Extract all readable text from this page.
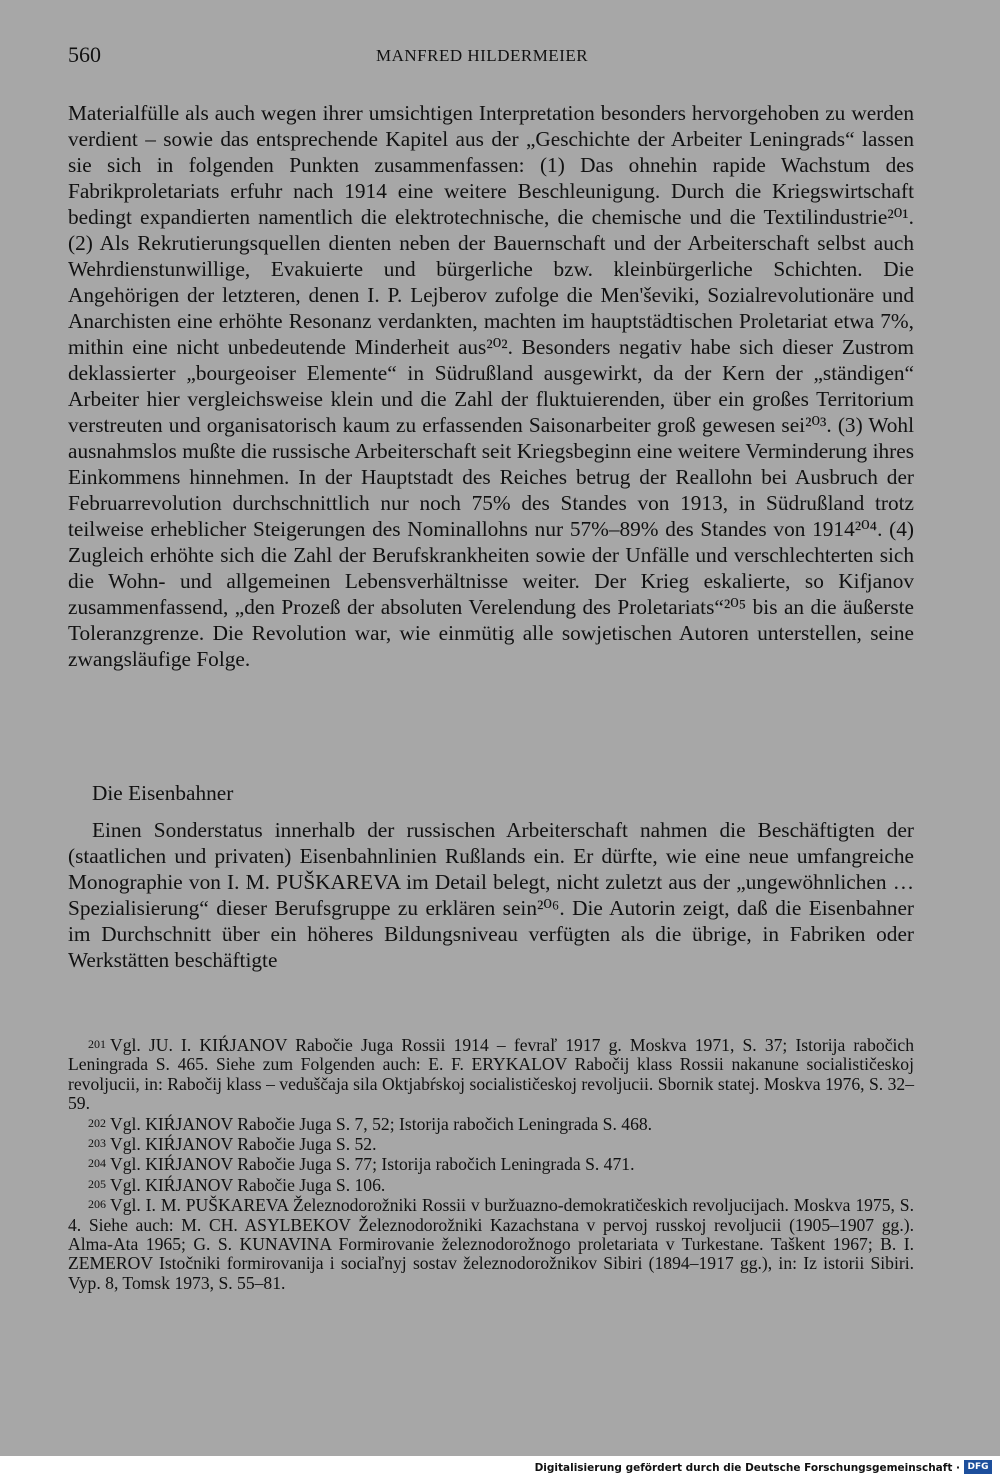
560	MANFRED HILDERMEIER

Materialfülle als auch wegen ihrer umsichtigen Interpretation besonders hervorgehoben zu werden verdient – sowie das entsprechende Kapitel aus der „Geschichte der Arbeiter Leningrads“ lassen sie sich in folgenden Punkten zusammenfassen: (1) Das ohnehin rapide Wachstum des Fabrikproletariats erfuhr nach 1914 eine weitere Beschleunigung. Durch die Kriegswirtschaft bedingt expandierten namentlich die elektrotechnische, die chemische und die Textilindustrie²⁰¹. (2) Als Rekrutierungsquellen dienten neben der Bauernschaft und der Arbeiterschaft selbst auch Wehrdienstunwillige, Evakuierte und bürgerliche bzw. kleinbürgerliche Schichten. Die Angehörigen der letzteren, denen I. P. Lejberov zufolge die Men'ševiki, Sozialrevolutionäre und Anarchisten eine erhöhte Resonanz verdankten, machten im hauptstädtischen Proletariat etwa 7%, mithin eine nicht unbedeutende Minderheit aus²⁰². Besonders negativ habe sich dieser Zustrom deklassierter „bourgeoiser Elemente“ in Südrußland ausgewirkt, da der Kern der „ständigen“ Arbeiter hier vergleichsweise klein und die Zahl der fluktuierenden, über ein großes Territorium verstreuten und organisatorisch kaum zu erfassenden Saisonarbeiter groß gewesen sei²⁰³. (3) Wohl ausnahmslos mußte die russische Arbeiterschaft seit Kriegsbeginn eine weitere Verminderung ihres Einkommens hinnehmen. In der Hauptstadt des Reiches betrug der Reallohn bei Ausbruch der Februarrevolution durchschnittlich nur noch 75% des Standes von 1913, in Südrußland trotz teilweise erheblicher Steigerungen des Nominallohns nur 57%–89% des Standes von 1914²⁰⁴. (4) Zugleich erhöhte sich die Zahl der Berufskrankheiten sowie der Unfälle und verschlechterten sich die Wohn- und allgemeinen Lebensverhältnisse weiter. Der Krieg eskalierte, so Kifjanov zusammenfassend, „den Prozeß der absoluten Verelendung des Proletariats“²⁰⁵ bis an die äußerste Toleranzgrenze. Die Revolution war, wie einmütig alle sowjetischen Autoren unterstellen, seine zwangsläufige Folge.

Die Eisenbahner
Einen Sonderstatus innerhalb der russischen Arbeiterschaft nahmen die Beschäftigten der (staatlichen und privaten) Eisenbahnlinien Rußlands ein. Er dürfte, wie eine neue umfangreiche Monographie von I. M. PUŠKAREVA im Detail belegt, nicht zuletzt aus der „ungewöhnlichen … Spezialisierung“ dieser Berufsgruppe zu erklären sein²⁰⁶. Die Autorin zeigt, daß die Eisenbahner im Durchschnitt über ein höheres Bildungsniveau verfügten als die übrige, in Fabriken oder Werkstätten beschäftigte

201 Vgl. JU. I. KIŔJANOV Rabočie Juga Rossii 1914 – fevraľ 1917 g. Moskva 1971, S. 37; Istorija rabočich Leningrada S. 465. Siehe zum Folgenden auch: E. F. ERYKALOV Rabočij klass Rossii nakanune socialističeskoj revoljucii, in: Rabočij klass – veduščaja sila Oktjabŕskoj socialističeskoj revoljucii. Sbornik statej. Moskva 1976, S. 32–59.

202 Vgl. KIŔJANOV Rabočie Juga S. 7, 52; Istorija rabočich Leningrada S. 468.

203 Vgl. KIŔJANOV Rabočie Juga S. 52.

204 Vgl. KIŔJANOV Rabočie Juga S. 77; Istorija rabočich Leningrada S. 471.

205 Vgl. KIŔJANOV Rabočie Juga S. 106.

206 Vgl. I. M. PUŠKAREVA Železnodorožniki Rossii v buržuazno-demokratičeskich revoljucijach. Moskva 1975, S. 4. Siehe auch: M. CH. ASYLBEKOV Železnodorožniki Kazachstana v pervoj russkoj revoljucii (1905–1907 gg.). Alma-Ata 1965; G. S. KUNAVINA Formirovanie železnodorožnogo proletariata v Turkestane. Taškent 1967; B. I. ZEMEROV Istočniki formirovanija i sociaľnyj sostav železnodorožnikov Sibiri (1894–1917 gg.), in: Iz istorii Sibiri. Vyp. 8, Tomsk 1973, S. 55–81.

Digitalisierung gefördert durch die Deutsche Forschungsgemeinschaft · DFG
